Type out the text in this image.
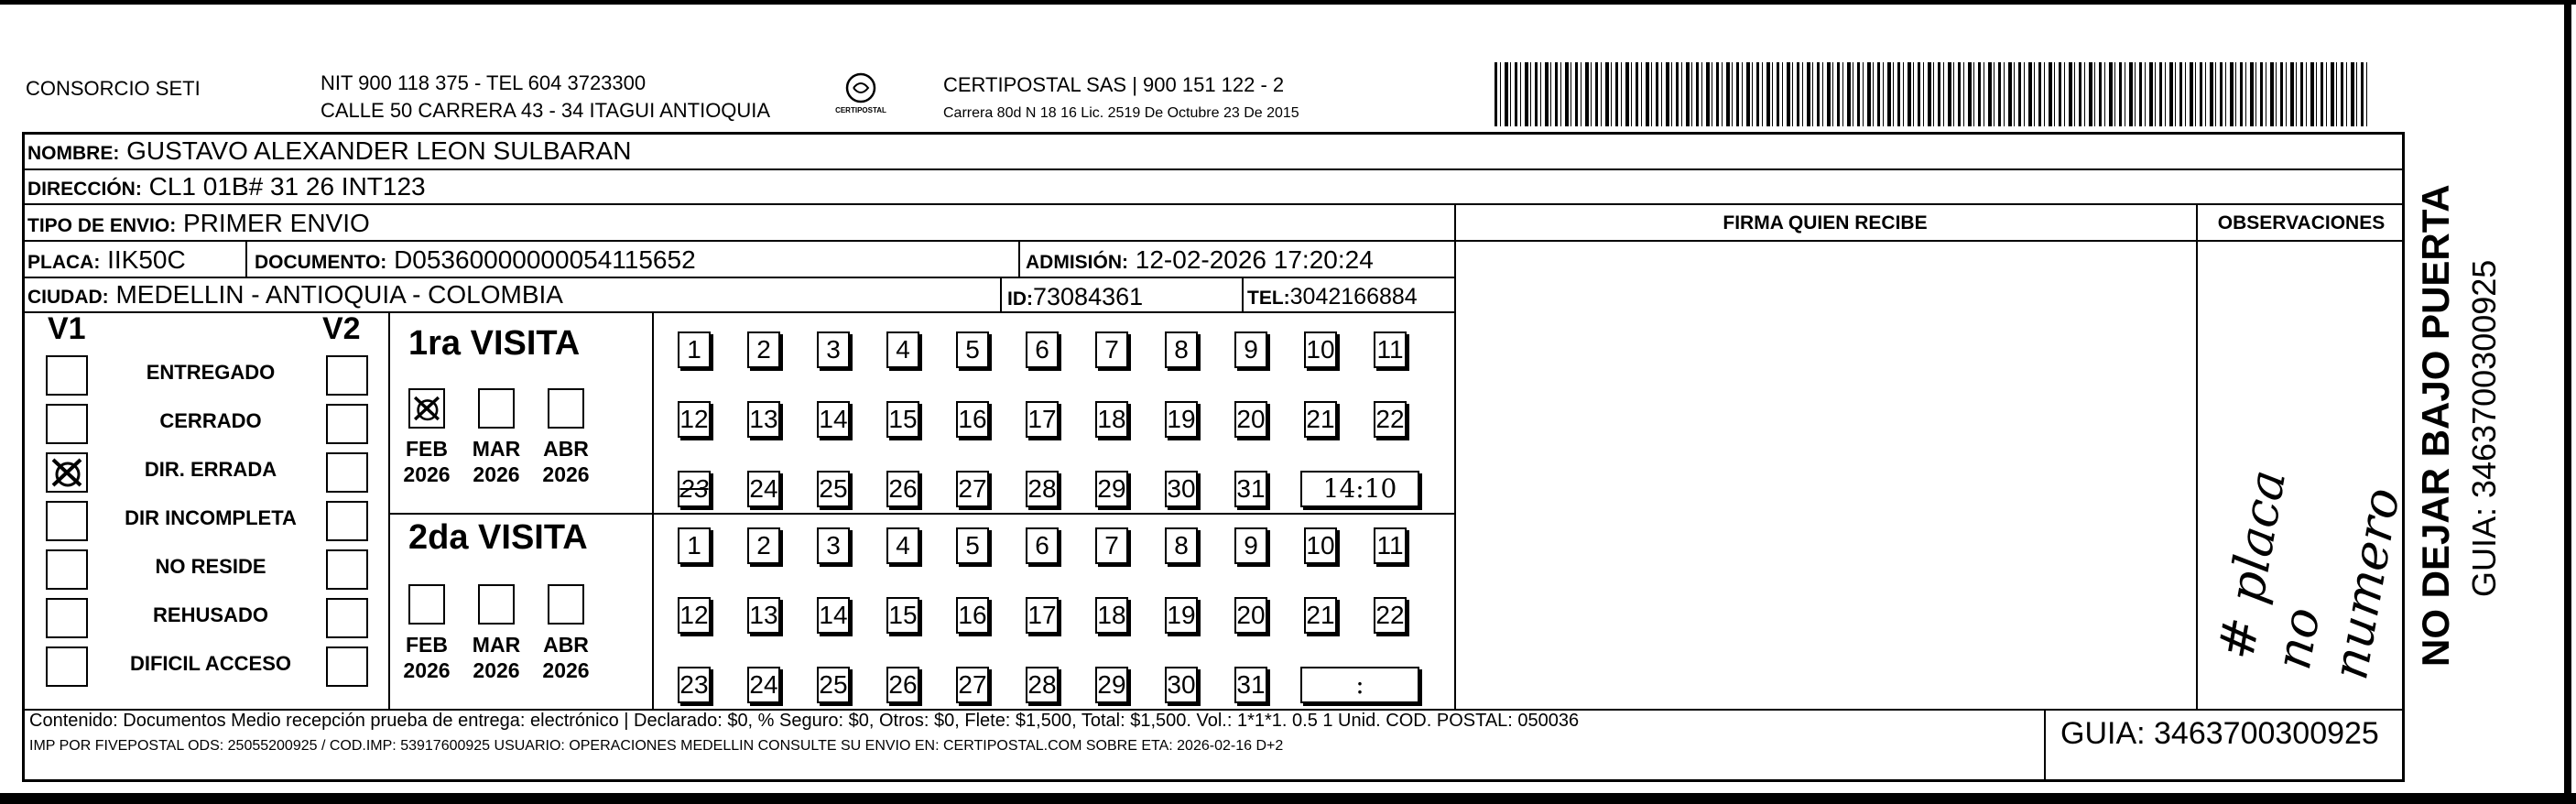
CONSORCIO SETI	NIT 900 118 375 - TEL 604 3723300
CALLE 50 CARRERA 43 - 34 ITAGUI ANTIOQUIA	CERTIPOSTAL
CERTIPOSTAL SAS | 900 151 122 - 2
Carrera 80d N 18 16 Lic. 2519 De Octubre 23 De 2015
NOMBRE: GUSTAVO ALEXANDER LEON SULBARAN
DIRECCIÓN: CL1 01B# 31 26 INT123
TIPO DE ENVIO: PRIMER ENVIO
PLACA: IIK50C	DOCUMENTO: D05360000000054115652	ADMISIÓN: 12-02-2026 17:20:24
CIUDAD: MEDELLIN - ANTIOQUIA - COLOMBIA	ID:73084361	TEL:3042166884
FIRMA QUIEN RECIBE	OBSERVACIONES
# placa no numero
V1	V2
ENTREGADO
CERRADO
DIR. ERRADA
DIR INCOMPLETA
NO RESIDE
REHUSADO
DIFICIL ACCESO
1ra VISITA
2da VISITA
FEB
2026
MAR
2026
ABR
2026
FEB
2026
MAR
2026
ABR
2026
1	2	3	4	5	6	7	8	9	10 11
12 13 14 15 16 17 18 19 20 21 22
23 24 25 26 27 28 29 30 31	14:10
1	2	3	4	5	6	7	8	9	10 11
12 13 14 15 16 17 18 19 20 21 22
23 24 25 26 27 28 29 30 31	:
Contenido: Documentos Medio recepción prueba de entrega: electrónico | Declarado: $0, % Seguro: $0, Otros: $0, Flete: $1,500, Total: $1,500. Vol.: 1*1*1. 0.5 1 Unid. COD. POSTAL: 050036
IMP POR FIVEPOSTAL ODS: 25055200925 / COD.IMP: 53917600925 USUARIO: OPERACIONES MEDELLIN CONSULTE SU ENVIO EN: CERTIPOSTAL.COM SOBRE ETA: 2026-02-16 D+2	GUIA: 3463700300925
NO DEJAR BAJO PUERTA GUIA: 3463700300925
